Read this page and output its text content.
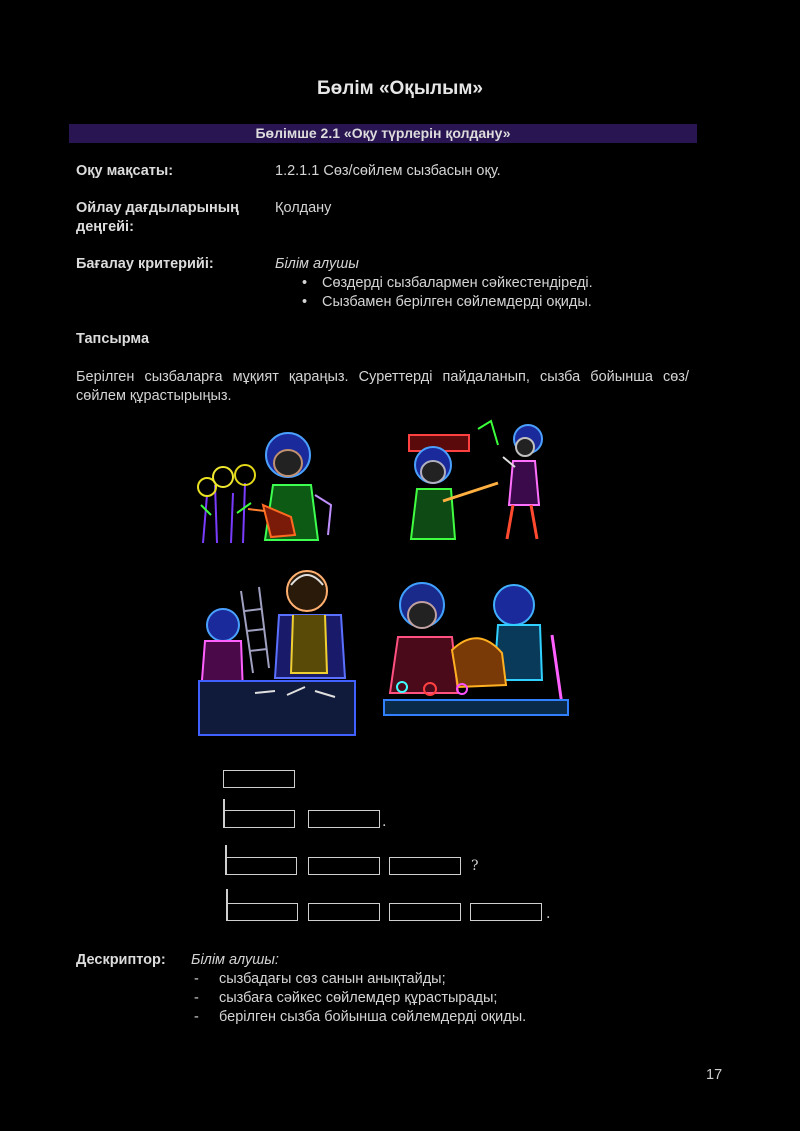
Бөлім «Оқылым»
Бөлімше 2.1 «Оқу түрлерін қолдану»
Оқу мақсаты:	1.2.1.1 Сөз/сөйлем сызбасын оқу.
Ойлау дағдыларының
деңгейі:
Қолдану
Бағалау критерийі:	Білім алушы
• Сөздерді сызбалармен сәйкестендіреді.
• Сызбамен берілген сөйлемдерді оқиды.
Тапсырма
Берілген сызбаларға мұқият қараңыз. Суреттерді пайдаланып, сызба бойынша сөз/сөйлем құрастырыңыз.
.
?
.
Дескриптор: Білім алушы:
- сызбадағы сөз санын анықтайды;
- сызбаға сәйкес сөйлемдер құрастырады;
- берілген сызба бойынша сөйлемдерді оқиды.
17
